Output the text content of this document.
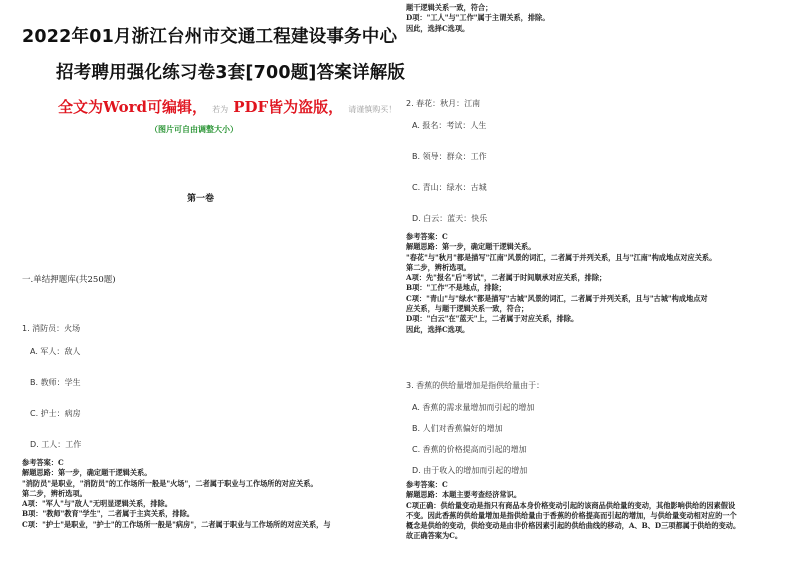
2022年01月浙江台州市交通工程建设事务中心
招考聘用强化练习卷3套[700题]答案详解版
全文为Word可编辑， 若为 PDF皆为盗版， 请谨慎购买！
（图片可自由调整大小）
第一卷
一.单结押题库(共250题)
1. 消防员：火场
A. 军人：敌人
B. 教师：学生
C. 护士：病房
D. 工人：工作
参考答案：C
解题思路：第一步，确定题干逻辑关系。
"消防员"是职业，"消防员"的工作场所一般是"火场"，二者属于职业与工作场所的对应关系。
第二步，辨析选项。
A项："军人"与"敌人"无明显逻辑关系，排除。
B项："教师"教育"学生"，二者属于主宾关系，排除。
C项："护士"是职业，"护士"的工作场所一般是"病房"，二者属于职业与工作场所的对应关系，与
题干逻辑关系一致，符合；
D项："工人"与"工作"属于主谓关系，排除。
因此，选择C选项。
2. 春花：秋月：江南
A. 报名：考试：人生
B. 领导：群众：工作
C. 青山：绿水：古城
D. 白云：蓝天：快乐
参考答案：C
解题思路：第一步，确定题干逻辑关系。
"春花"与"秋月"都是描写"江南"风景的词汇，二者属于并列关系，且与"江南"构成地点对应关系。
第二步，辨析选项。
A项：先"报名"后"考试"，二者属于时间顺承对应关系，排除；
B项："工作"不是地点，排除；
C项："青山"与"绿水"都是描写"古城"风景的词汇，二者属于并列关系，且与"古城"构成地点对
应关系，与题干逻辑关系一致，符合；
D项："白云"在"蓝天"上，二者属于对应关系，排除。
因此，选择C选项。
3. 香蕉的供给量增加是指供给量由于：
A. 香蕉的需求量增加而引起的增加
B. 人们对香蕉偏好的增加
C. 香蕉的价格提高而引起的增加
D. 由于收入的增加而引起的增加
参考答案：C
解题思路：本题主要考查经济常识。
C项正确：供给量变动是指只有商品本身价格变动引起的该商品供给量的变动，其他影响供给的因素假设
不变。因此香蕉的供给量增加是指供给量由于香蕉的价格提高而引起的增加，与供给量变动相对应的一个
概念是供给的变动，供给变动是由非价格因素引起的供给曲线的移动，A、B、D三项都属于供给的变动。
故正确答案为C。
